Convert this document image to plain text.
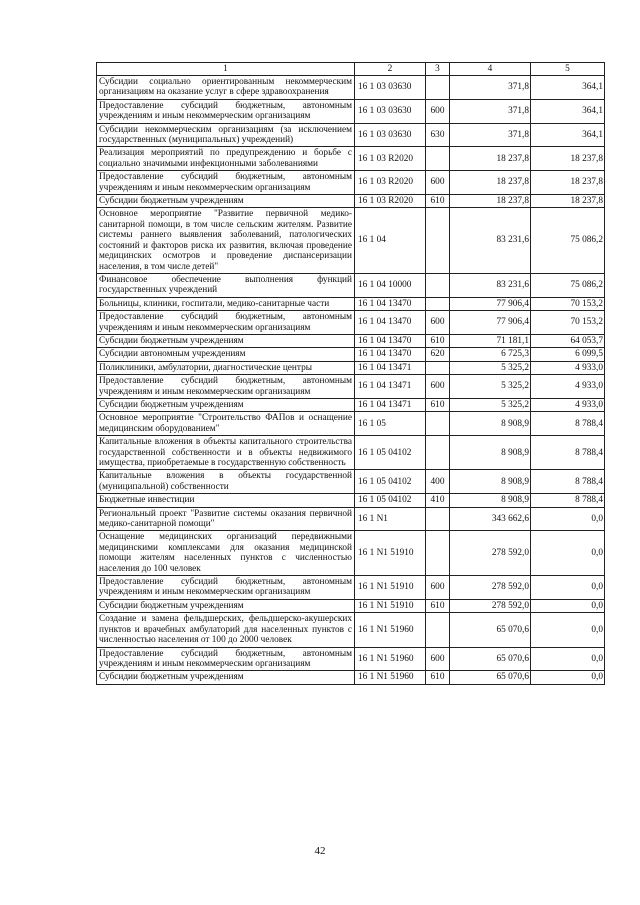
1	2	3	4	5
Субсидии социально ориентированным некоммерческим организациям на оказание услуг в сфере здравоохранения	16 1 03 03630		371,8	364,1
Предоставление субсидий бюджетным, автономным учреждениям и иным некоммерческим организациям	16 1 03 03630	600	371,8	364,1
Субсидии некоммерческим организациям (за исключением государственных (муниципальных) учреждений)	16 1 03 03630	630	371,8	364,1
Реализация мероприятий по предупреждению и борьбе с социально значимыми инфекционными заболеваниями	16 1 03 R2020		18 237,8	18 237,8
Предоставление субсидий бюджетным, автономным учреждениям и иным некоммерческим организациям	16 1 03 R2020	600	18 237,8	18 237,8
Субсидии бюджетным учреждениям	16 1 03 R2020	610	18 237,8	18 237,8
Основное мероприятие "Развитие первичной медико-санитарной помощи, в том числе сельским жителям. Развитие системы раннего выявления заболеваний, патологических состояний и факторов риска их развития, включая проведение медицинских осмотров и проведение диспансеризации населения, в том числе детей"	16 1 04		83 231,6	75 086,2
Финансовое обеспечение выполнения функций государственных учреждений	16 1 04 10000		83 231,6	75 086,2
Больницы, клиники, госпитали, медико-санитарные части	16 1 04 13470		77 906,4	70 153,2
Предоставление субсидий бюджетным, автономным учреждениям и иным некоммерческим организациям	16 1 04 13470	600	77 906,4	70 153,2
Субсидии бюджетным учреждениям	16 1 04 13470	610	71 181,1	64 053,7
Субсидии автономным учреждениям	16 1 04 13470	620	6 725,3	6 099,5
Поликлиники, амбулатории, диагностические центры	16 1 04 13471		5 325,2	4 933,0
Предоставление субсидий бюджетным, автономным учреждениям и иным некоммерческим организациям	16 1 04 13471	600	5 325,2	4 933,0
Субсидии бюджетным учреждениям	16 1 04 13471	610	5 325,2	4 933,0
Основное мероприятие "Строительство ФАПов и оснащение медицинским оборудованием"	16 1 05		8 908,9	8 788,4
Капитальные вложения в объекты капитального строительства государственной собственности и в объекты недвижимого имущества, приобретаемые в государственную собственность	16 1 05 04102		8 908,9	8 788,4
Капитальные вложения в объекты государственной (муниципальной) собственности	16 1 05 04102	400	8 908,9	8 788,4
Бюджетные инвестиции	16 1 05 04102	410	8 908,9	8 788,4
Региональный проект "Развитие системы оказания первичной медико-санитарной помощи"	16 1 N1		343 662,6	0,0
Оснащение медицинских организаций передвижными медицинскими комплексами для оказания медицинской помощи жителям населенных пунктов с численностью населения до 100 человек	16 1 N1 51910		278 592,0	0,0
Предоставление субсидий бюджетным, автономным учреждениям и иным некоммерческим организациям	16 1 N1 51910	600	278 592,0	0,0
Субсидии бюджетным учреждениям	16 1 N1 51910	610	278 592,0	0,0
Создание и замена фельдшерских, фельдшерско-акушерских пунктов и врачебных амбулаторий для населенных пунктов с численностью населения от 100 до 2000 человек	16 1 N1 51960		65 070,6	0,0
Предоставление субсидий бюджетным, автономным учреждениям и иным некоммерческим организациям	16 1 N1 51960	600	65 070,6	0,0
Субсидии бюджетным учреждениям	16 1 N1 51960	610	65 070,6	0,0
42
